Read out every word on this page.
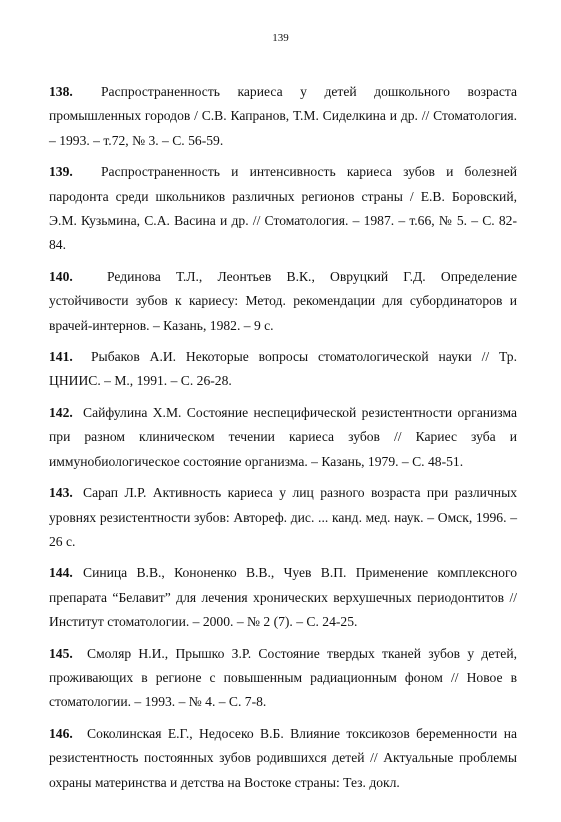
139
138. Распространенность кариеса у детей дошкольного возраста промышленных городов / С.В. Капранов, Т.М. Сиделкина и др. // Стоматология. – 1993. – т.72, № 3. – С. 56-59.
139. Распространенность и интенсивность кариеса зубов и болезней пародонта среди школьников различных регионов страны / Е.В. Боровский, Э.М. Кузьмина, С.А. Васина и др. // Стоматология. – 1987. – т.66, № 5. – С. 82-84.
140.	Рединова Т.Л., Леонтьев В.К., Овруцкий Г.Д. Определение устойчивости зубов к кариесу: Метод. рекомендации для субординаторов и врачей-интернов. – Казань, 1982. – 9 с.
141. Рыбаков А.И. Некоторые вопросы стоматологической науки // Тр. ЦНИИС. – М., 1991. – С. 26-28.
142. Сайфулина Х.М. Состояние неспецифической резистентности организма при разном клиническом течении кариеса зубов // Кариес зуба и иммунобиологическое состояние организма. – Казань, 1979. – С. 48-51.
143. Сарап Л.Р. Активность кариеса у лиц разного возраста при различных уровнях резистентности зубов: Автореф. дис. ... канд. мед. наук. – Омск, 1996. – 26 с.
144. Синица В.В., Кононенко В.В., Чуев В.П. Применение комплексного препарата “Белавит” для лечения хронических верхушечных периодонтитов // Институт стоматологии. – 2000. – № 2 (7). – С. 24-25.
145. Смоляр Н.И., Прышко З.Р. Состояние твердых тканей зубов у детей, проживающих в регионе с повышенным радиационным фоном // Новое в стоматологии. – 1993. – № 4. – С. 7-8.
146. Соколинская Е.Г., Недосеко В.Б. Влияние токсикозов беременности на резистентность постоянных зубов родившихся детей // Актуальные проблемы охраны материнства и детства на Востоке страны: Тез. докл.
